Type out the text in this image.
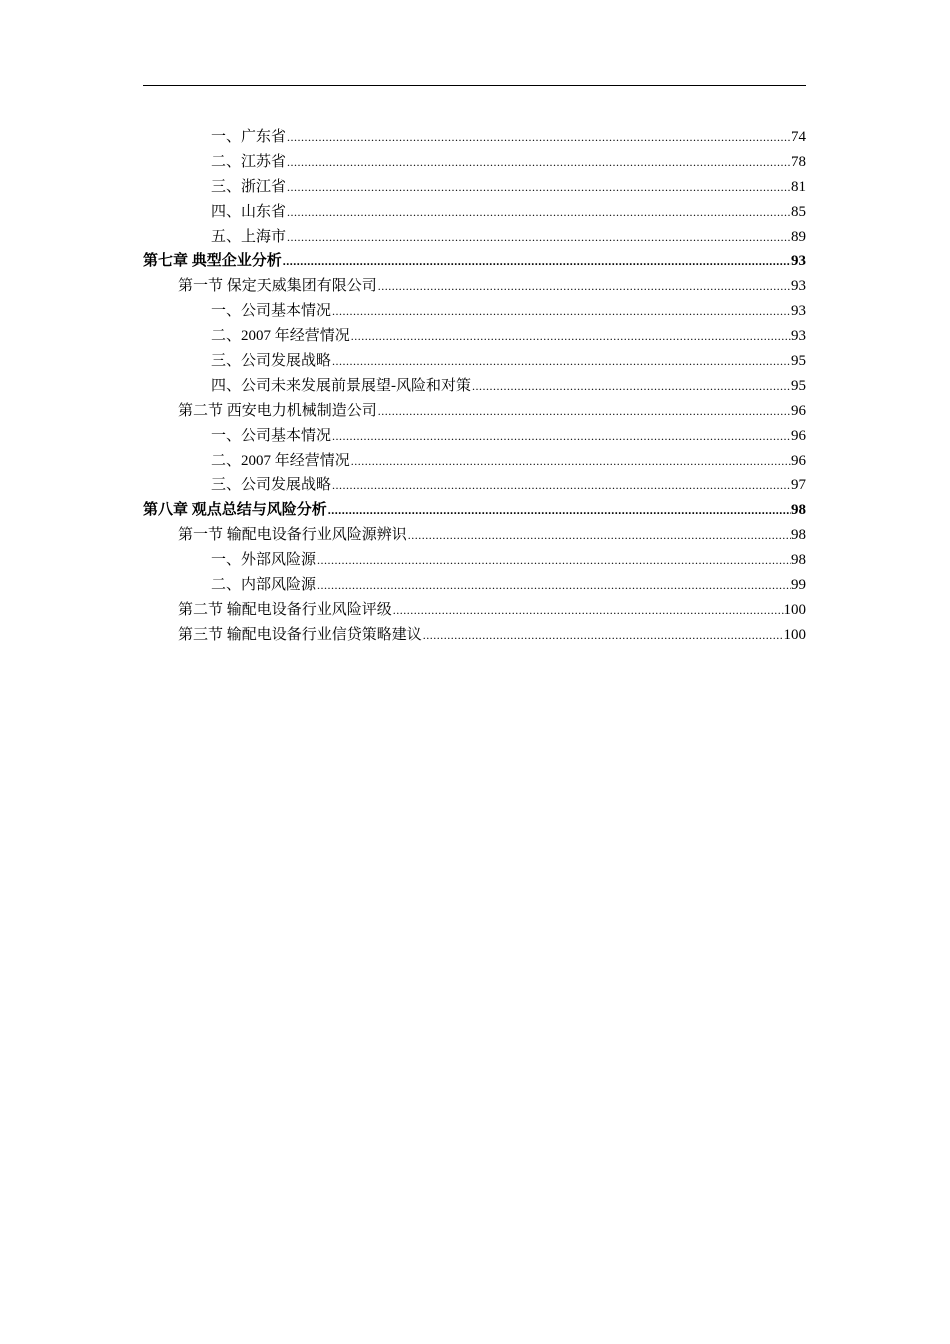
一、广东省 .....	74
二、江苏省 .....	78
三、浙江省 .....	81
四、山东省 .....	85
五、上海市 .....	89
第七章 典型企业分析 .....	93
第一节 保定天威集团有限公司 .....	93
一、公司基本情况 .....	93
二、2007 年经营情况 .....	93
三、公司发展战略 .....	95
四、公司未来发展前景展望-风险和对策 .....	95
第二节 西安电力机械制造公司 .....	96
一、公司基本情况 .....	96
二、2007 年经营情况 .....	96
三、公司发展战略 .....	97
第八章 观点总结与风险分析 .....	98
第一节 输配电设备行业风险源辨识 .....	98
一、外部风险源 .....	98
二、内部风险源 .....	99
第二节 输配电设备行业风险评级 .....	100
第三节 输配电设备行业信贷策略建议 .....	100
